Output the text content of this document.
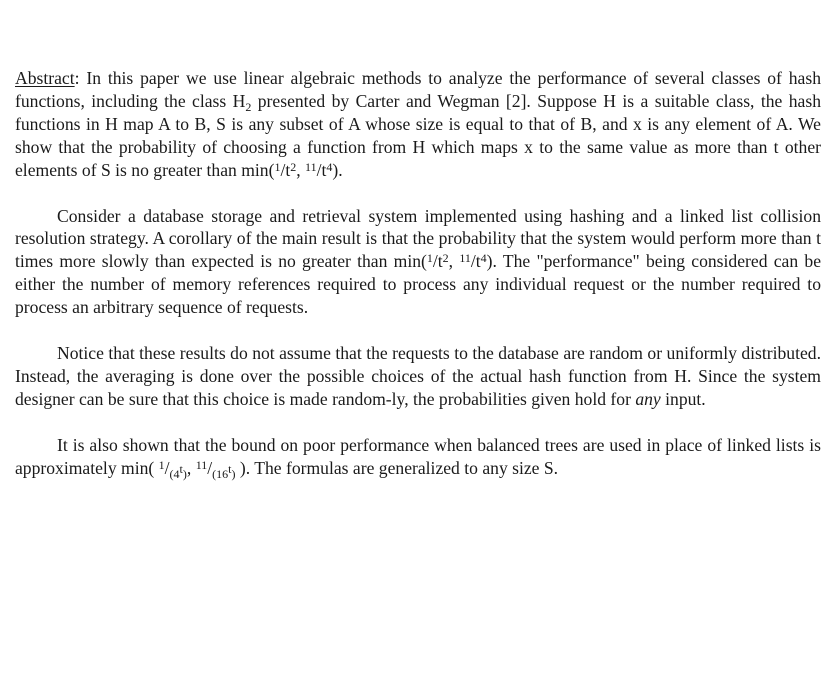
Abstract: In this paper we use linear algebraic methods to analyze the performance of several classes of hash functions, including the class $H_2$ presented by Carter and Wegman [2]. Suppose H is a suitable class, the hash functions in H map A to B, S is any subset of A whose size is equal to that of B, and x is any element of A. We show that the probability of choosing a function from H which maps x to the same value as more than t other elements of S is no greater than $\min(^1/t^2$, $^{11}/t^4$).

Consider a database storage and retrieval system implemented using hashing and a linked list collision resolution strategy. A corollary of the main result is that the probability that the system would perform more than t times more slowly than expected is no greater than $\min(^1/t^2$, $^{11}/t^4$). The "performance" being considered can be either the number of memory references required to process any individual request or the number required to process an arbitrary sequence of requests.

Notice that these results do not assume that the requests to the database are random or uniformly distributed. Instead, the averaging is done over the possible choices of the actual hash function from H. Since the system designer can be sure that this choice is made random-ly, the probabilities given hold for any input.

It is also shown that the bound on poor performance when balanced trees are used in place of linked lists is approximately min( $^1/_{(4^t)}$, $^{11}/_{(16^t)}$ ). The formulas are generalized to any size S.
